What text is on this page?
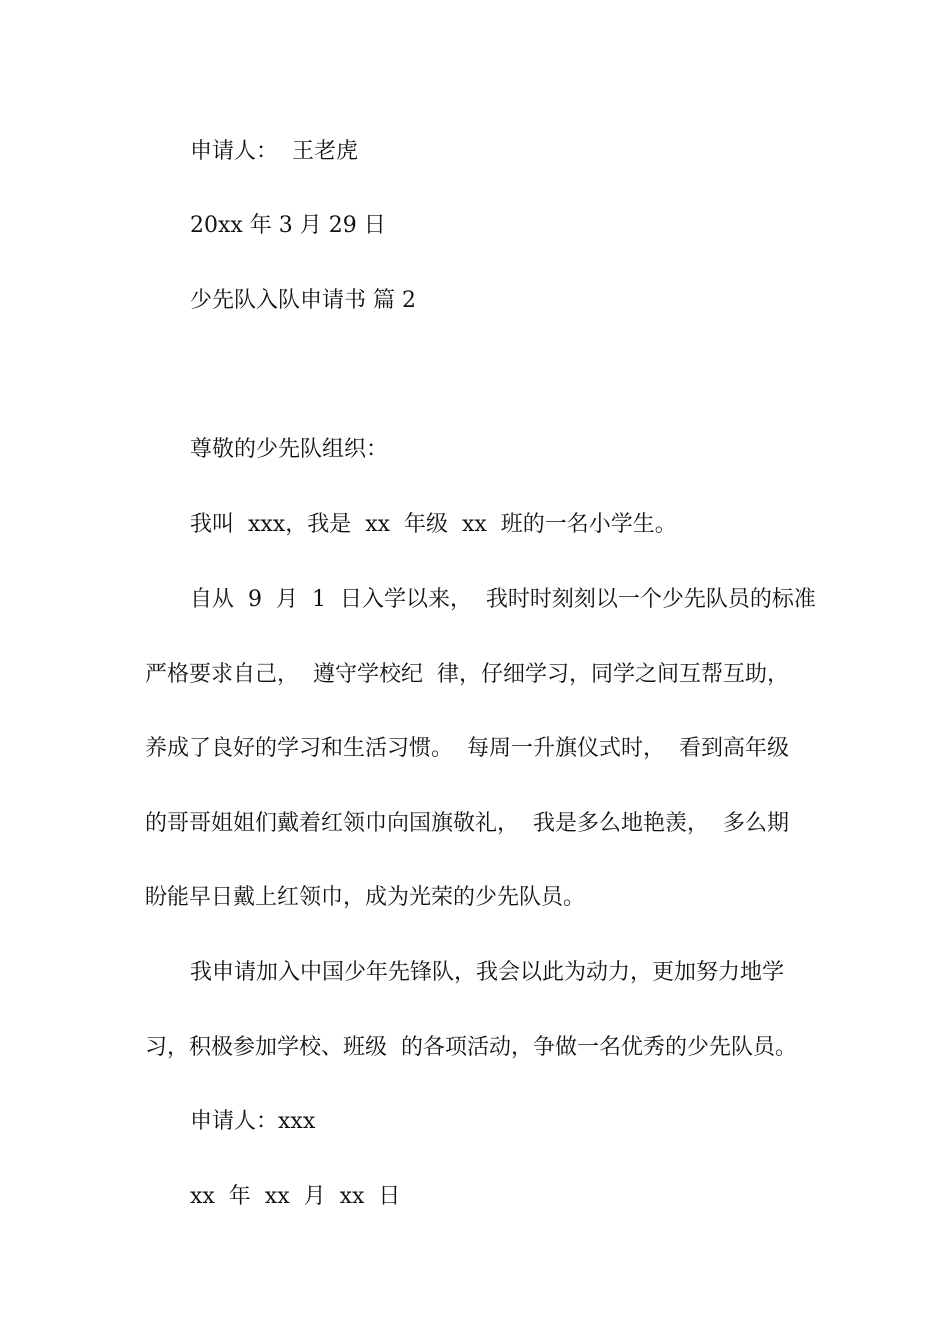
申请人：  王老虎
20xx 年 3 月 29 日
少先队入队申请书 篇 2
尊敬的少先队组织：
我叫  xxx，我是  xx  年级  xx  班的一名小学生。
自从  9  月  1  日入学以来，  我时时刻刻以一个少先队员的标准
严格要求自己，  遵守学校纪  律，仔细学习，同学之间互帮互助，
养成了良好的学习和生活习惯。  每周一升旗仪式时，  看到高年级
的哥哥姐姐们戴着红领巾向国旗敬礼，  我是多么地艳羡，  多么期
盼能早日戴上红领巾，成为光荣的少先队员。
我申请加入中国少年先锋队，我会以此为动力，更加努力地学
习，积极参加学校、班级  的各项活动，争做一名优秀的少先队员。
申请人：xxx
xx  年  xx  月  xx  日
